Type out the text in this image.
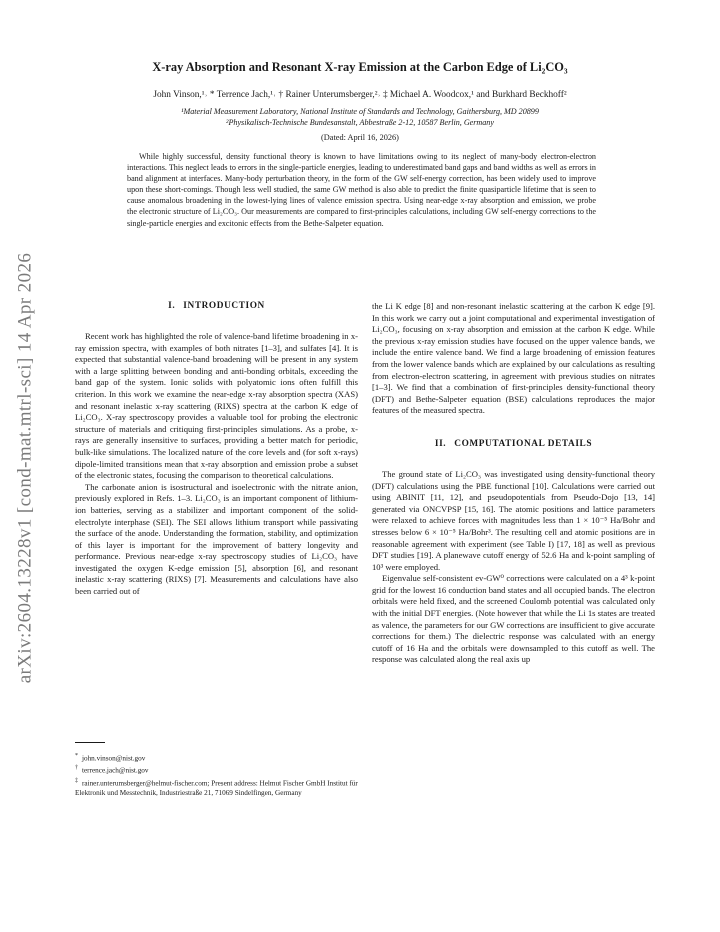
arXiv:2604.13228v1 [cond-mat.mtrl-sci] 14 Apr 2026
X-ray Absorption and Resonant X-ray Emission at the Carbon Edge of Li₂CO₃

John Vinson,¹˒ * Terrence Jach,¹˒ † Rainer Unterumsberger,²˒ ‡ Michael A. Woodcox,¹ and Burkhard Beckhoff²

¹Material Measurement Laboratory, National Institute of Standards and Technology, Gaithersburg, MD 20899
²Physikalisch-Technische Bundesanstalt, Abbestraße 2-12, 10587 Berlin, Germany

(Dated: April 16, 2026)

While highly successful, density functional theory is known to have limitations owing to its neglect of many-body electron-electron interactions. This neglect leads to errors in the single-particle energies, leading to underestimated band gaps and band widths as well as errors in band alignment at interfaces. Many-body perturbation theory, in the form of the GW self-energy correction, has been widely used to improve upon these short-comings. Though less well studied, the same GW method is also able to predict the finite quasiparticle lifetime that is seen to cause anomalous broadening in the lowest-lying lines of valence emission spectra. Using near-edge x-ray absorption and emission, we probe the electronic structure of Li₂CO₃. Our measurements are compared to first-principles calculations, including GW self-energy corrections to the single-particle energies and excitonic effects from the Bethe-Salpeter equation.

I. INTRODUCTION

Recent work has highlighted the role of valence-band lifetime broadening in x-ray emission spectra, with examples of both nitrates [1–3], and sulfates [4]. It is expected that substantial valence-band broadening will be present in any system with a large splitting between bonding and anti-bonding orbitals, exceeding the band gap of the system. Ionic solids with polyatomic ions often fulfill this criterion. In this work we examine the near-edge x-ray absorption spectra (XAS) and resonant inelastic x-ray scattering (RIXS) spectra at the carbon K edge of Li₂CO₃. X-ray spectroscopy provides a valuable tool for probing the electronic structure of materials and critiquing first-principles simulations. As a probe, x-rays are generally insensitive to surfaces, providing a better match for periodic, bulk-like simulations. The localized nature of the core levels and (for soft x-rays) dipole-limited transitions mean that x-ray absorption and emission probe a subset of the electronic states, focusing the comparison to theoretical calculations.

The carbonate anion is isostructural and isoelectronic with the nitrate anion, previously explored in Refs. 1–3. Li₂CO₃ is an important component of lithium-ion batteries, serving as a stabilizer and important component of the solid-electrolyte interphase (SEI). The SEI allows lithium transport while passivating the surface of the anode. Understanding the formation, stability, and optimization of this layer is important for the improvement of battery longevity and performance. Previous near-edge x-ray spectroscopy studies of Li₂CO₃ have investigated the oxygen K-edge emission [5], absorption [6], and resonant inelastic x-ray scattering (RIXS) [7]. Measurements and calculations have also been carried out of

the Li K edge [8] and non-resonant inelastic scattering at the carbon K edge [9]. In this work we carry out a joint computational and experimental investigation of Li₂CO₃, focusing on x-ray absorption and emission at the carbon K edge. While the previous x-ray emission studies have focused on the upper valence bands, we include the entire valence band. We find a large broadening of emission features from the lower valence bands which are explained by our calculations as resulting from electron-electron scattering, in agreement with previous studies on nitrates [1–3]. We find that a combination of first-principles density-functional theory (DFT) and Bethe-Salpeter equation (BSE) calculations reproduces the major features of the measured spectra.

II. COMPUTATIONAL DETAILS

The ground state of Li₂CO₃ was investigated using density-functional theory (DFT) calculations using the PBE functional [10]. Calculations were carried out using ABINIT [11, 12], and pseudopotentials from Pseudo-Dojo [13, 14] generated via ONCVPSP [15, 16]. The atomic positions and lattice parameters were relaxed to achieve forces with magnitudes less than 1 × 10⁻⁵ Ha/Bohr and stresses below 6 × 10⁻⁵ Ha/Bohr³. The resulting cell and atomic positions are in reasonable agreement with experiment (see Table I) [17, 18] as well as previous DFT studies [19]. A planewave cutoff energy of 52.6 Ha and k-point sampling of 10³ were employed.

Eigenvalue self-consistent ev-GW⁰ corrections were calculated on a 4³ k-point grid for the lowest 16 conduction band states and all occupied bands. The electron orbitals were held fixed, and the screened Coulomb potential was calculated only with the initial DFT energies. (Note however that while the Li 1s states are treated as valence, the parameters for our GW corrections are insufficient to give accurate corrections for them.) The dielectric response was calculated with an energy cutoff of 16 Ha and the orbitals were downsampled to this cutoff as well. The response was calculated along the real axis up

* john.vinson@nist.gov
† terrence.jach@nist.gov
‡ rainer.unterumsberger@helmut-fischer.com; Present address: Helmut Fischer GmbH Institut für Elektronik und Messtechnik, Industriestraße 21, 71069 Sindelfingen, Germany
